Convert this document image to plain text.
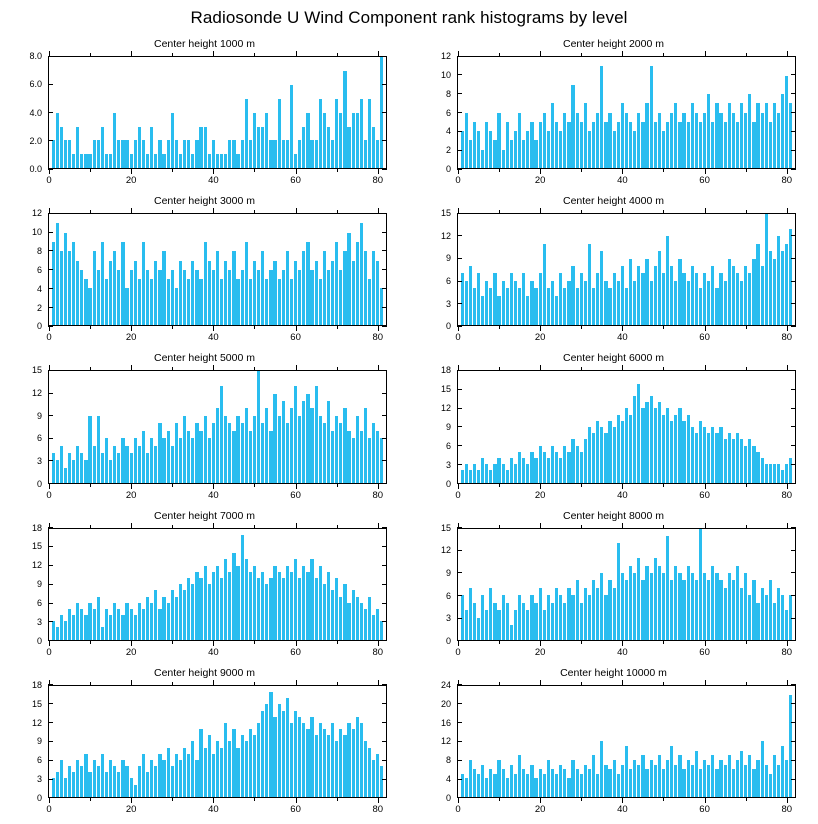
Radiosonde U Wind Component rank histograms by level
Center height 1000 m
0.0
2.0
4.0
6.0
8.0
0	20	40	60	80
Center height 2000 m
0
2
4
6
8
10
12
0	20	40	60	80
Center height 3000 m
0
2
4
6
8
10
12
0	20	40	60	80
Center height 4000 m
0
3
6
9
12
15
0	20	40	60	80
Center height 5000 m
0
3
6
9
12
15
0	20	40	60	80
Center height 6000 m
0
3
6
9
12
15
18
0	20	40	60	80
Center height 7000 m
0
3
6
9
12
15
18
0	20	40	60	80
Center height 8000 m
0
3
6
9
12
15
0	20	40	60	80
Center height 9000 m
0
3
6
9
12
15
18
0	20	40	60	80
Center height 10000 m
0
4
8
12
16
20
24
0	20	40	60	80
